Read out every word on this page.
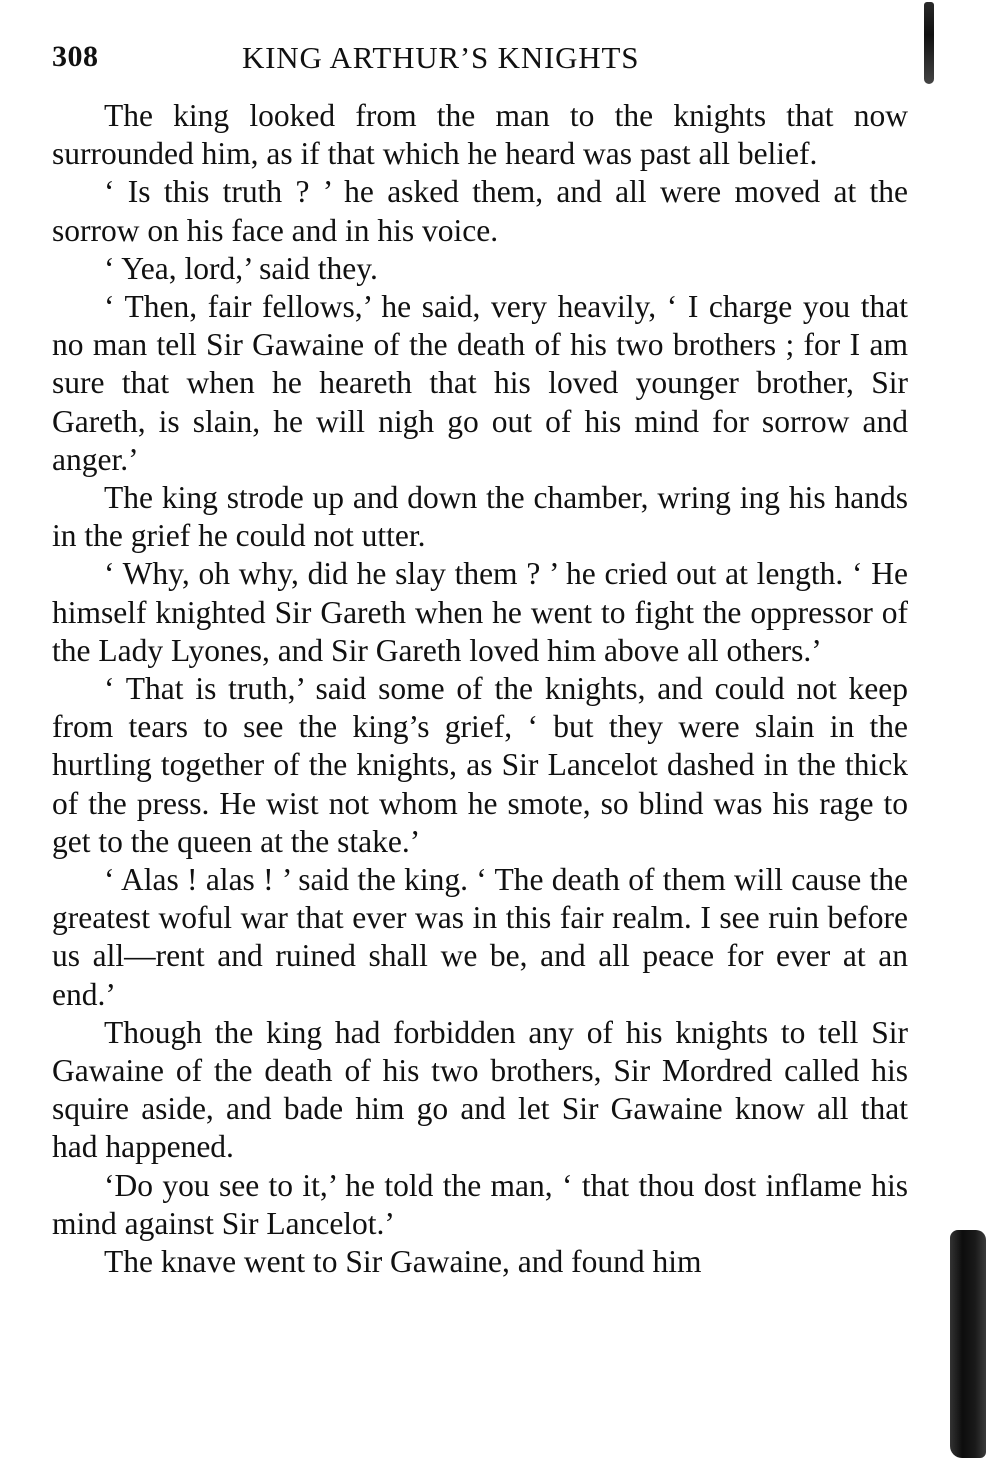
308	KING ARTHUR’S KNIGHTS

The king looked from the man to the knights that now surrounded him, as if that which he heard was past all belief.

‘ Is this truth ? ’ he asked them, and all were moved at the sorrow on his face and in his voice.

‘ Yea, lord,’ said they.

‘ Then, fair fellows,’ he said, very heavily, ‘ I charge you that no man tell Sir Gawaine of the death of his two brothers ; for I am sure that when he heareth that his loved younger brother, Sir Gareth, is slain, he will nigh go out of his mind for sorrow and anger.’

The king strode up and down the chamber, wring ing his hands in the grief he could not utter.

‘ Why, oh why, did he slay them ? ’ he cried out at length. ‘ He himself knighted Sir Gareth when he went to fight the oppressor of the Lady Lyones, and Sir Gareth loved him above all others.’

‘ That is truth,’ said some of the knights, and could not keep from tears to see the king’s grief, ‘ but they were slain in the hurtling together of the knights, as Sir Lancelot dashed in the thick of the press. He wist not whom he smote, so blind was his rage to get to the queen at the stake.’

‘ Alas ! alas ! ’ said the king. ‘ The death of them will cause the greatest woful war that ever was in this fair realm. I see ruin before us all—rent and ruined shall we be, and all peace for ever at an end.’

Though the king had forbidden any of his knights to tell Sir Gawaine of the death of his two brothers, Sir Mordred called his squire aside, and bade him go and let Sir Gawaine know all that had happened.

‘Do you see to it,’ he told the man, ‘ that thou dost inflame his mind against Sir Lancelot.’

The knave went to Sir Gawaine, and found him
